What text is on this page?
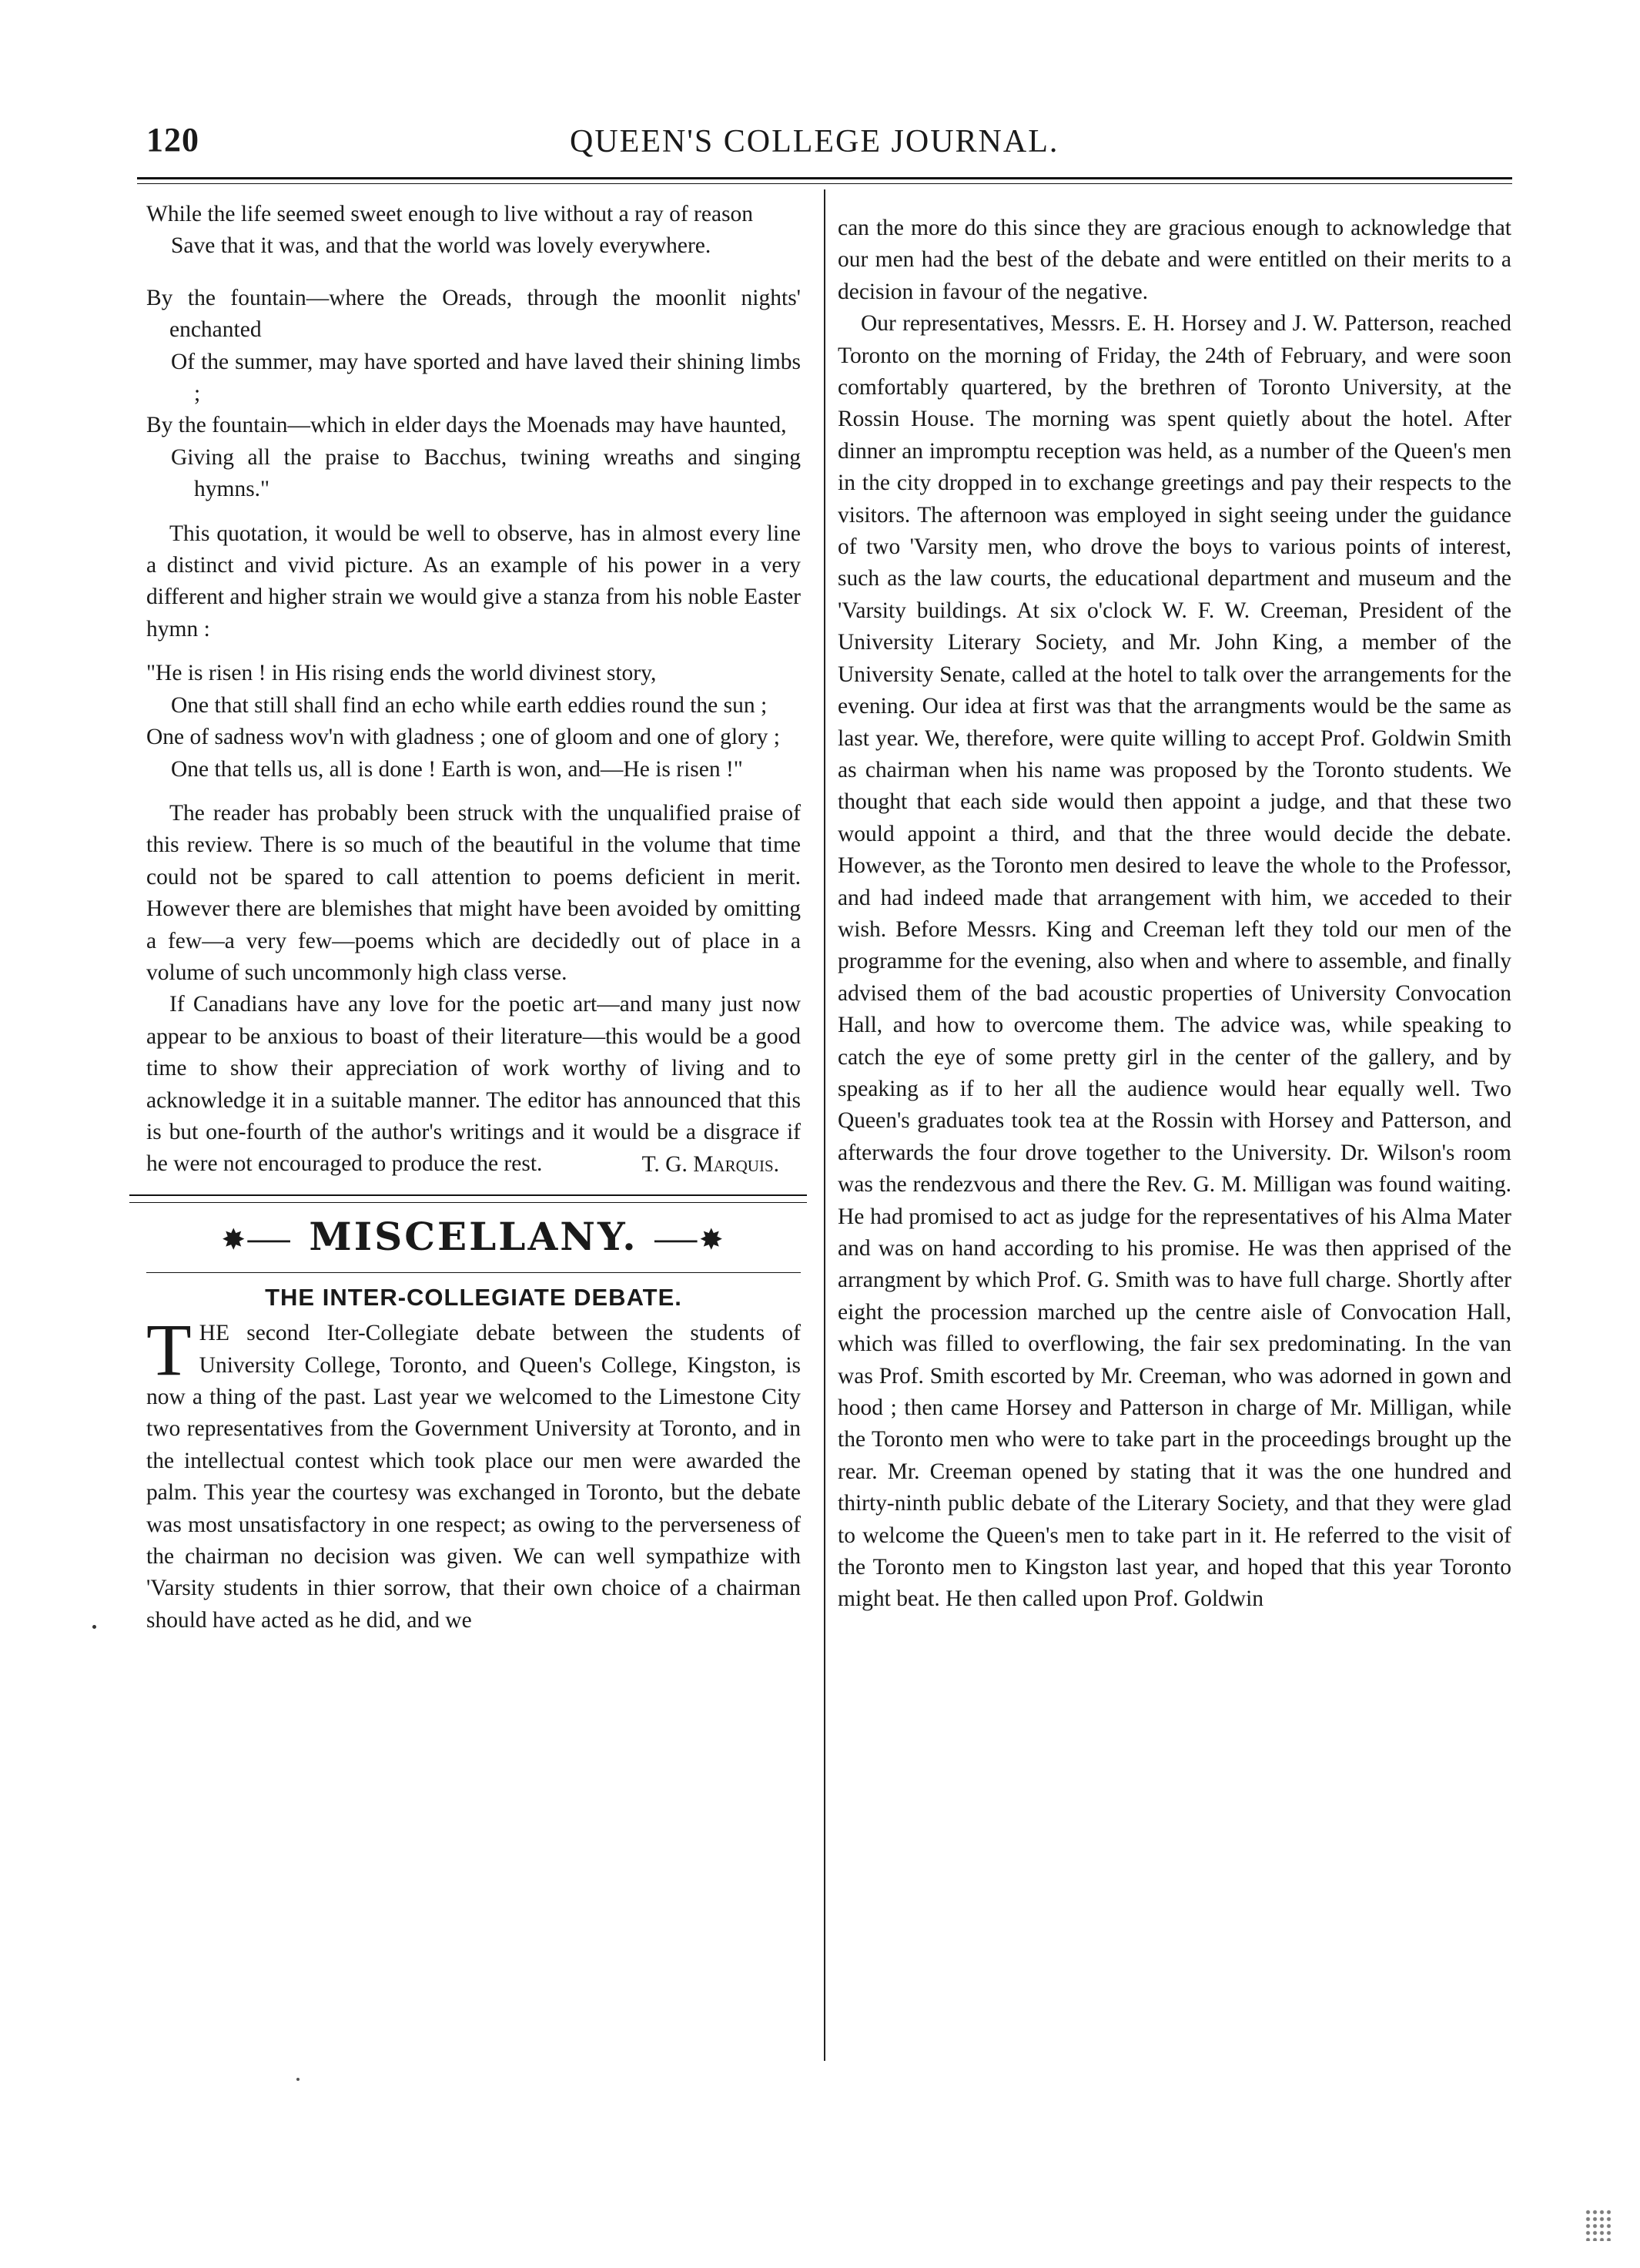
120	QUEEN'S COLLEGE JOURNAL.
While the life seemed sweet enough to live without a ray of reason
Save that it was, and that the world was lovely everywhere.
By the fountain—where the Oreads, through the moonlit nights' enchanted
Of the summer, may have sported and have laved their shining limbs ;
By the fountain—which in elder days the Moenads may have haunted,
Giving all the praise to Bacchus, twining wreaths and singing hymns."

This quotation, it would be well to observe, has in almost every line a distinct and vivid picture. As an example of his power in a very different and higher strain we would give a stanza from his noble Easter hymn :

"He is risen ! in His rising ends the world divinest story,
One that still shall find an echo while earth eddies round the sun ;
One of sadness wov'n with gladness ; one of gloom and one of glory ;
One that tells us, all is done ! Earth is won, and—He is risen !"

The reader has probably been struck with the unqualified praise of this review. There is so much of the beautiful in the volume that time could not be spared to call attention to poems deficient in merit. However there are blemishes that might have been avoided by omitting a few—a very few—poems which are decidedly out of place in a volume of such uncommonly high class verse.

If Canadians have any love for the poetic art—and many just now appear to be anxious to boast of their literature—this would be a good time to show their appreciation of work worthy of living and to acknowledge it in a suitable manner. The editor has announced that this is but one-fourth of the author's writings and it would be a disgrace if he were not encouraged to produce the rest.	T. G. Marquis.
✸⸺ MISCELLANY. ⸺✸
THE INTER-COLLEGIATE DEBATE.

THE second Iter-Collegiate debate between the students of University College, Toronto, and Queen's College, Kingston, is now a thing of the past. Last year we welcomed to the Limestone City two representatives from the Government University at Toronto, and in the intellectual contest which took place our men were awarded the palm. This year the courtesy was exchanged in Toronto, but the debate was most unsatisfactory in one respect; as owing to the perverseness of the chairman no decision was given. We can well sympathize with 'Varsity students in thier sorrow, that their own choice of a chairman should have acted as he did, and we

can the more do this since they are gracious enough to acknowledge that our men had the best of the debate and were entitled on their merits to a decision in favour of the negative.

Our representatives, Messrs. E. H. Horsey and J. W. Patterson, reached Toronto on the morning of Friday, the 24th of February, and were soon comfortably quartered, by the brethren of Toronto University, at the Rossin House. The morning was spent quietly about the hotel. After dinner an impromptu reception was held, as a number of the Queen's men in the city dropped in to exchange greetings and pay their respects to the visitors. The afternoon was employed in sight seeing under the guidance of two 'Varsity men, who drove the boys to various points of interest, such as the law courts, the educational department and museum and the 'Varsity buildings. At six o'clock W. F. W. Creeman, President of the University Literary Society, and Mr. John King, a member of the University Senate, called at the hotel to talk over the arrangements for the evening. Our idea at first was that the arrangments would be the same as last year. We, therefore, were quite willing to accept Prof. Goldwin Smith as chairman when his name was proposed by the Toronto students. We thought that each side would then appoint a judge, and that these two would appoint a third, and that the three would decide the debate. However, as the Toronto men desired to leave the whole to the Professor, and had indeed made that arrangement with him, we acceded to their wish. Before Messrs. King and Creeman left they told our men of the programme for the evening, also when and where to assemble, and finally advised them of the bad acoustic properties of University Convocation Hall, and how to overcome them. The advice was, while speaking to catch the eye of some pretty girl in the center of the gallery, and by speaking as if to her all the audience would hear equally well. Two Queen's graduates took tea at the Rossin with Horsey and Patterson, and afterwards the four drove together to the University. Dr. Wilson's room was the rendezvous and there the Rev. G. M. Milligan was found waiting. He had promised to act as judge for the representatives of his Alma Mater and was on hand according to his promise. He was then apprised of the arrangment by which Prof. G. Smith was to have full charge. Shortly after eight the procession marched up the centre aisle of Convocation Hall, which was filled to overflowing, the fair sex predominating. In the van was Prof. Smith escorted by Mr. Creeman, who was adorned in gown and hood ; then came Horsey and Patterson in charge of Mr. Milligan, while the Toronto men who were to take part in the proceedings brought up the rear. Mr. Creeman opened by stating that it was the one hundred and thirty-ninth public debate of the Literary Society, and that they were glad to welcome the Queen's men to take part in it. He referred to the visit of the Toronto men to Kingston last year, and hoped that this year Toronto might beat. He then called upon Prof. Goldwin
